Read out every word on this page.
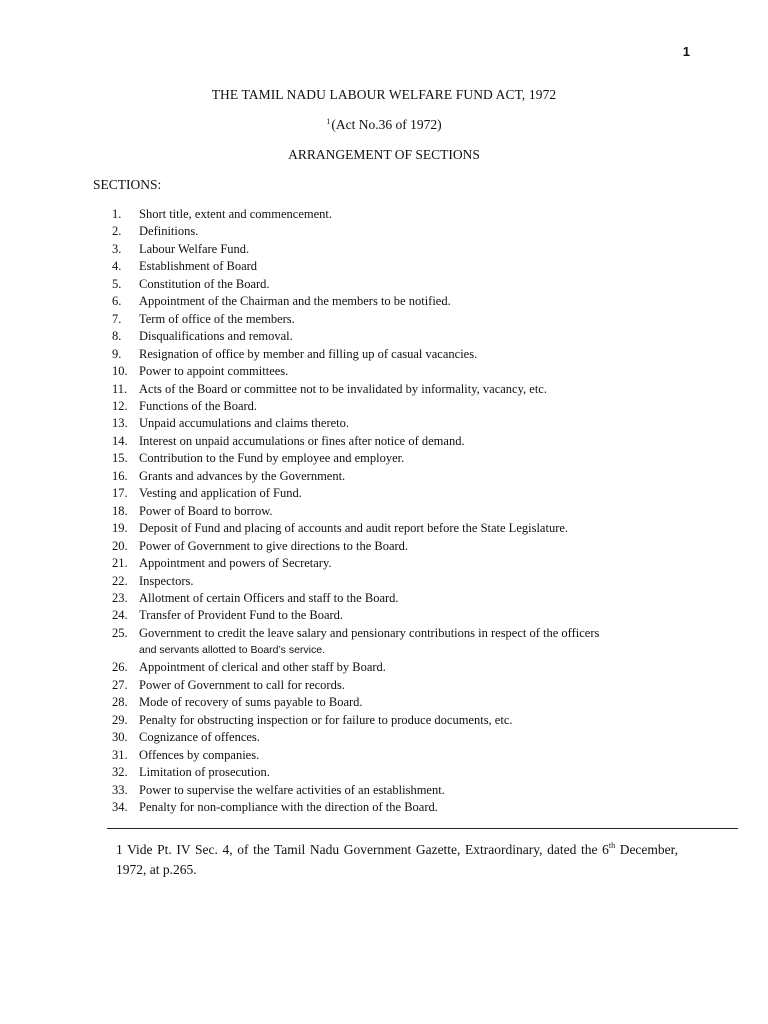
1
THE TAMIL NADU LABOUR WELFARE FUND ACT, 1972
$^1$(Act No.36 of 1972)
ARRANGEMENT OF SECTIONS
SECTIONS:
1.	Short title, extent and commencement.
2.	Definitions.
3.	Labour Welfare Fund.
4.	Establishment of Board
5.	Constitution of the Board.
6.	Appointment of the Chairman and the members to be notified.
7.	Term of office of the members.
8.	Disqualifications and removal.
9.	Resignation of office by member and filling up of casual vacancies.
10. Power to appoint committees.
11. Acts of the Board or committee not to be invalidated by informality, vacancy, etc.
12. Functions of the Board.
13. Unpaid accumulations and claims thereto.
14. Interest on unpaid accumulations or fines after notice of demand.
15. Contribution to the Fund by employee and employer.
16. Grants and advances by the Government.
17. Vesting and application of Fund.
18. Power of Board to borrow.
19. Deposit of Fund and placing of accounts and audit report before the State Legislature.
20. Power of Government to give directions to the Board.
21. Appointment and powers of Secretary.
22. Inspectors.
23. Allotment of certain Officers and staff to the Board.
24. Transfer of Provident Fund to the Board.
25. Government to credit the leave salary and pensionary contributions in respect of the officers
and servants allotted to Board’s service.
26. Appointment of clerical and other staff by Board.
27. Power of Government to call for records.
28. Mode of recovery of sums payable to Board.
29. Penalty for obstructing inspection or for failure to produce documents, etc.
30. Cognizance of offences.
31. Offences by companies.
32. Limitation of prosecution.
33. Power to supervise the welfare activities of an establishment.
34. Penalty for non-compliance with the direction of the Board.
1 Vide Pt. IV Sec. 4, of the Tamil Nadu Government Gazette, Extraordinary, dated the 6th December, 1972, at p.265.
